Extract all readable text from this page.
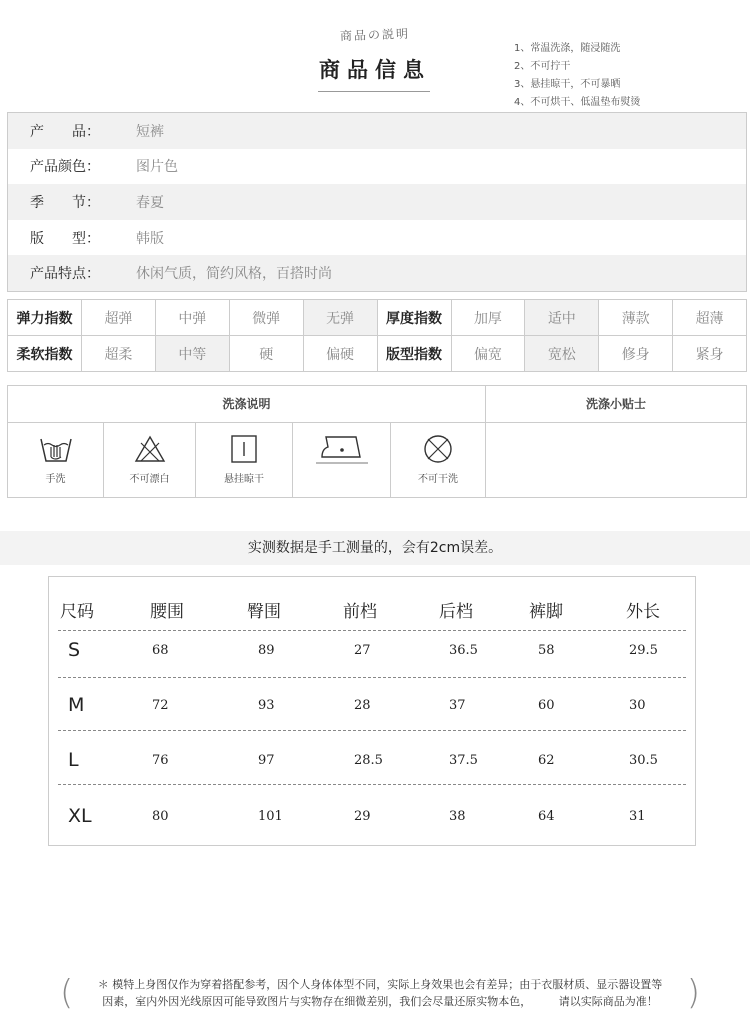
商品の説明
商品信息
产　　品：	短裤
产品颜色：	图片色
季　　节：	春夏
版　　型：	韩版
产品特点：	休闲气质，简约风格，百搭时尚
弹力指数	超弹	中弹	微弹	无弹	厚度指数	加厚	适中	薄款	超薄
柔软指数	超柔	中等	硬	偏硬	版型指数	偏宽	宽松	修身	紧身
洗涤说明	洗涤小贴士
手洗	不可漂白	悬挂晾干	不可干洗
1、常温洗涤，随浸随洗
2、不可拧干
3、悬挂晾干，不可暴晒
4、不可烘干、低温垫布熨烫
实测数据是手工测量的，会有2cm误差。
尺码	腰围	臀围	前档	后档	裤脚	外长
S	68	89	27	36.5	58	29.5
M	72	93	28	37	60	30
L	76	97	28.5	37.5	62	30.5
XL	80	101	29	38	64	31
(	＊ 模特上身图仅作为穿着搭配参考，因个人身体体型不同，实际上身效果也会有差异；由于衣服材质、显示器设置等
因素，室内外因光线原因可能导致图片与实物存在细微差别，我们会尽量还原实物本色，　　　请以实际商品为准！ )
